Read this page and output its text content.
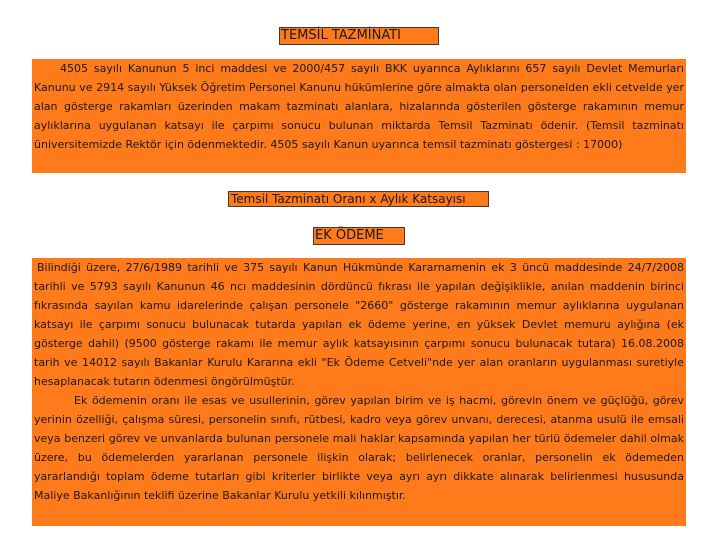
TEMSİL TAZMİNATI

4505 sayılı Kanunun 5 inci maddesi ve 2000/457 sayılı BKK uyarınca Aylıklarını 657 sayılı Devlet Memurları Kanunu ve 2914 sayılı Yüksek Öğretim Personel Kanunu hükümlerine göre almakta olan personelden ekli cetvelde yer alan gösterge rakamları üzerinden makam tazminatı alanlara, hizalarında gösterilen gösterge rakamının memur aylıklarına uygulanan katsayı ile çarpımı sonucu bulunan miktarda Temsil Tazminatı ödenir. (Temsil tazminatı üniversitemizde Rektör için ödenmektedir. 4505 sayılı Kanun uyarınca temsil tazminatı göstergesi : 17000)

Temsil Tazminatı Oranı x Aylık Katsayısı
EK ÖDEME

Bilindiği üzere, 27/6/1989 tarihli ve 375 sayılı Kanun Hükmünde Kararnamenin ek 3 üncü maddesinde 24/7/2008 tarihli ve 5793 sayılı Kanunun 46 ncı maddesinin dördüncü fıkrası ile yapılan değişiklikle, anılan maddenin birinci fıkrasında sayılan kamu idarelerinde çalışan personele "2660" gösterge rakamının memur aylıklarına uygulanan katsayı ile çarpımı sonucu bulunacak tutarda yapılan ek ödeme yerine, en yüksek Devlet memuru aylığına (ek gösterge dahil) (9500 gösterge rakamı ile memur aylık katsayısının çarpımı sonucu bulunacak tutara) 16.08.2008 tarih ve 14012 sayılı Bakanlar Kurulu Kararına ekli "Ek Ödeme Cetveli"nde yer alan oranların uygulanması suretiyle hesaplanacak tutarın ödenmesi öngörülmüştür.

Ek ödemenin oranı ile esas ve usullerinin, görev yapılan birim ve iş hacmi, görevin önem ve güçlüğü, görev yerinin özelliği, çalışma süresi, personelin sınıfı, rütbesi, kadro veya görev unvanı, derecesi, atanma usulü ile emsali veya benzeri görev ve unvanlarda bulunan personele mali haklar kapsamında yapılan her türlü ödemeler dahil olmak üzere, bu ödemelerden yararlanan personele ilişkin olarak; belirlenecek oranlar, personelin ek ödemeden yararlandığı toplam ödeme tutarları gibi kriterler birlikte veya ayrı ayrı dikkate alınarak belirlenmesi hususunda Maliye Bakanlığının teklifi üzerine Bakanlar Kurulu yetkili kılınmıştır.
